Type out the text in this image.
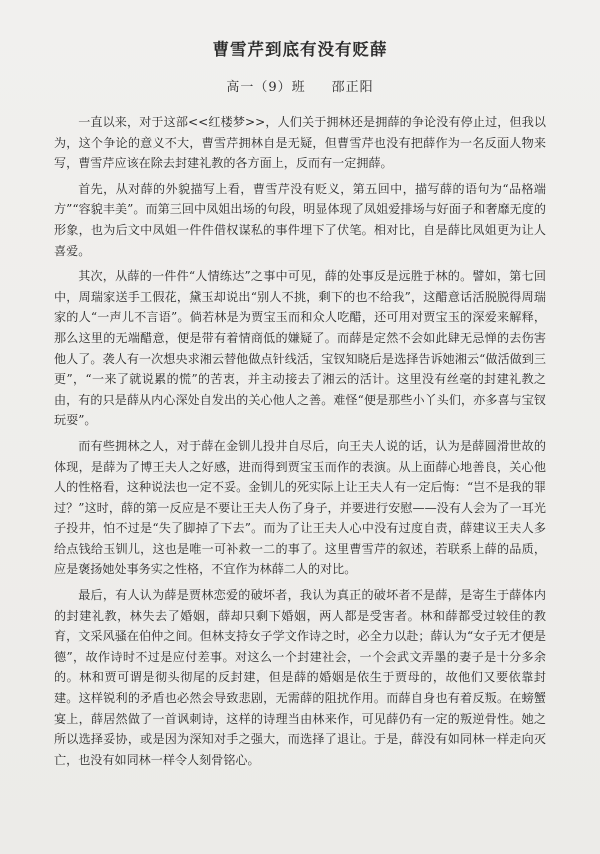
曹雪芹到底有没有贬薛
高一（9）班 邵正阳

一直以来，对于这部<<红楼梦>>，人们关于拥林还是拥薛的争论没有停止过，但我以为，这个争论的意义不大，曹雪芹拥林自是无疑，但曹雪芹也没有把薛作为一名反面人物来写，曹雪芹应该在除去封建礼教的各方面上，反而有一定拥薛。

首先，从对薛的外貌描写上看，曹雪芹没有贬义，第五回中，描写薛的语句为“品格端方”“容貌丰美”。而第三回中凤姐出场的句段，明显体现了凤姐爱排场与好面子和奢靡无度的形象，也为后文中凤姐一件件借权谋私的事件埋下了伏笔。相对比，自是薛比凤姐更为让人喜爱。

其次，从薛的一件件“人情练达”之事中可见，薛的处事反是远胜于林的。譬如，第七回中，周瑞家送手工假花，黛玉却说出“别人不挑，剩下的也不给我”，这醋意话活脱脱得周瑞家的人“一声儿不言语”。倘若林是为贾宝玉而和众人吃醋，还可用对贾宝玉的深爱来解释，那么这里的无端醋意，便是带有着情商低的嫌疑了。而薛是定然不会如此肆无忌惮的去伤害他人了。袭人有一次想央求湘云替他做点针线活，宝钗知晓后是选择告诉她湘云“做活做到三更”，“一来了就说累的慌”的苦衷，并主动接去了湘云的活计。这里没有丝毫的封建礼教之由，有的只是薛从内心深处自发出的关心他人之善。难怪“便是那些小丫头们，亦多喜与宝钗玩耍”。

而有些拥林之人，对于薛在金钏儿投井自尽后，向王夫人说的话，认为是薛圆滑世故的体现，是薛为了博王夫人之好感，进而得到贾宝玉而作的表演。从上面薛心地善良，关心他人的性格看，这种说法也一定不妥。金钏儿的死实际上让王夫人有一定后悔：“岂不是我的罪过？”这时，薛的第一反应是不要让王夫人伤了身子，并要进行安慰——没有人会为了一耳光子投井，怕不过是“失了脚掉了下去”。而为了让王夫人心中没有过度自责，薛建议王夫人多给点钱给玉钏儿，这也是唯一可补救一二的事了。这里曹雪芹的叙述，若联系上薛的品质，应是褒扬她处事务实之性格，不宜作为林薛二人的对比。

最后，有人认为薛是贾林恋爱的破坏者，我认为真正的破坏者不是薛，是寄生于薛体内的封建礼教，林失去了婚姻，薛却只剩下婚姻，两人都是受害者。林和薛都受过较佳的教育，文采风骚在伯仲之间。但林支持女子学文作诗之时，必全力以赴；薛认为“女子无才便是德”，故作诗时不过是应付差事。对这么一个封建社会，一个会武文弄墨的妻子是十分多余的。林和贾可谓是彻头彻尾的反封建，但是薛的婚姻是依生于贾母的，故他们又要依靠封建。这样锐利的矛盾也必然会导致悲剧，无需薛的阻扰作用。而薛自身也有着反叛。在螃蟹宴上，薛居然做了一首讽刺诗，这样的诗理当由林来作，可见薛仍有一定的叛逆骨性。她之所以选择妥协，或是因为深知对手之强大，而选择了退让。于是，薛没有如同林一样走向灭亡，也没有如同林一样令人刻骨铭心。
